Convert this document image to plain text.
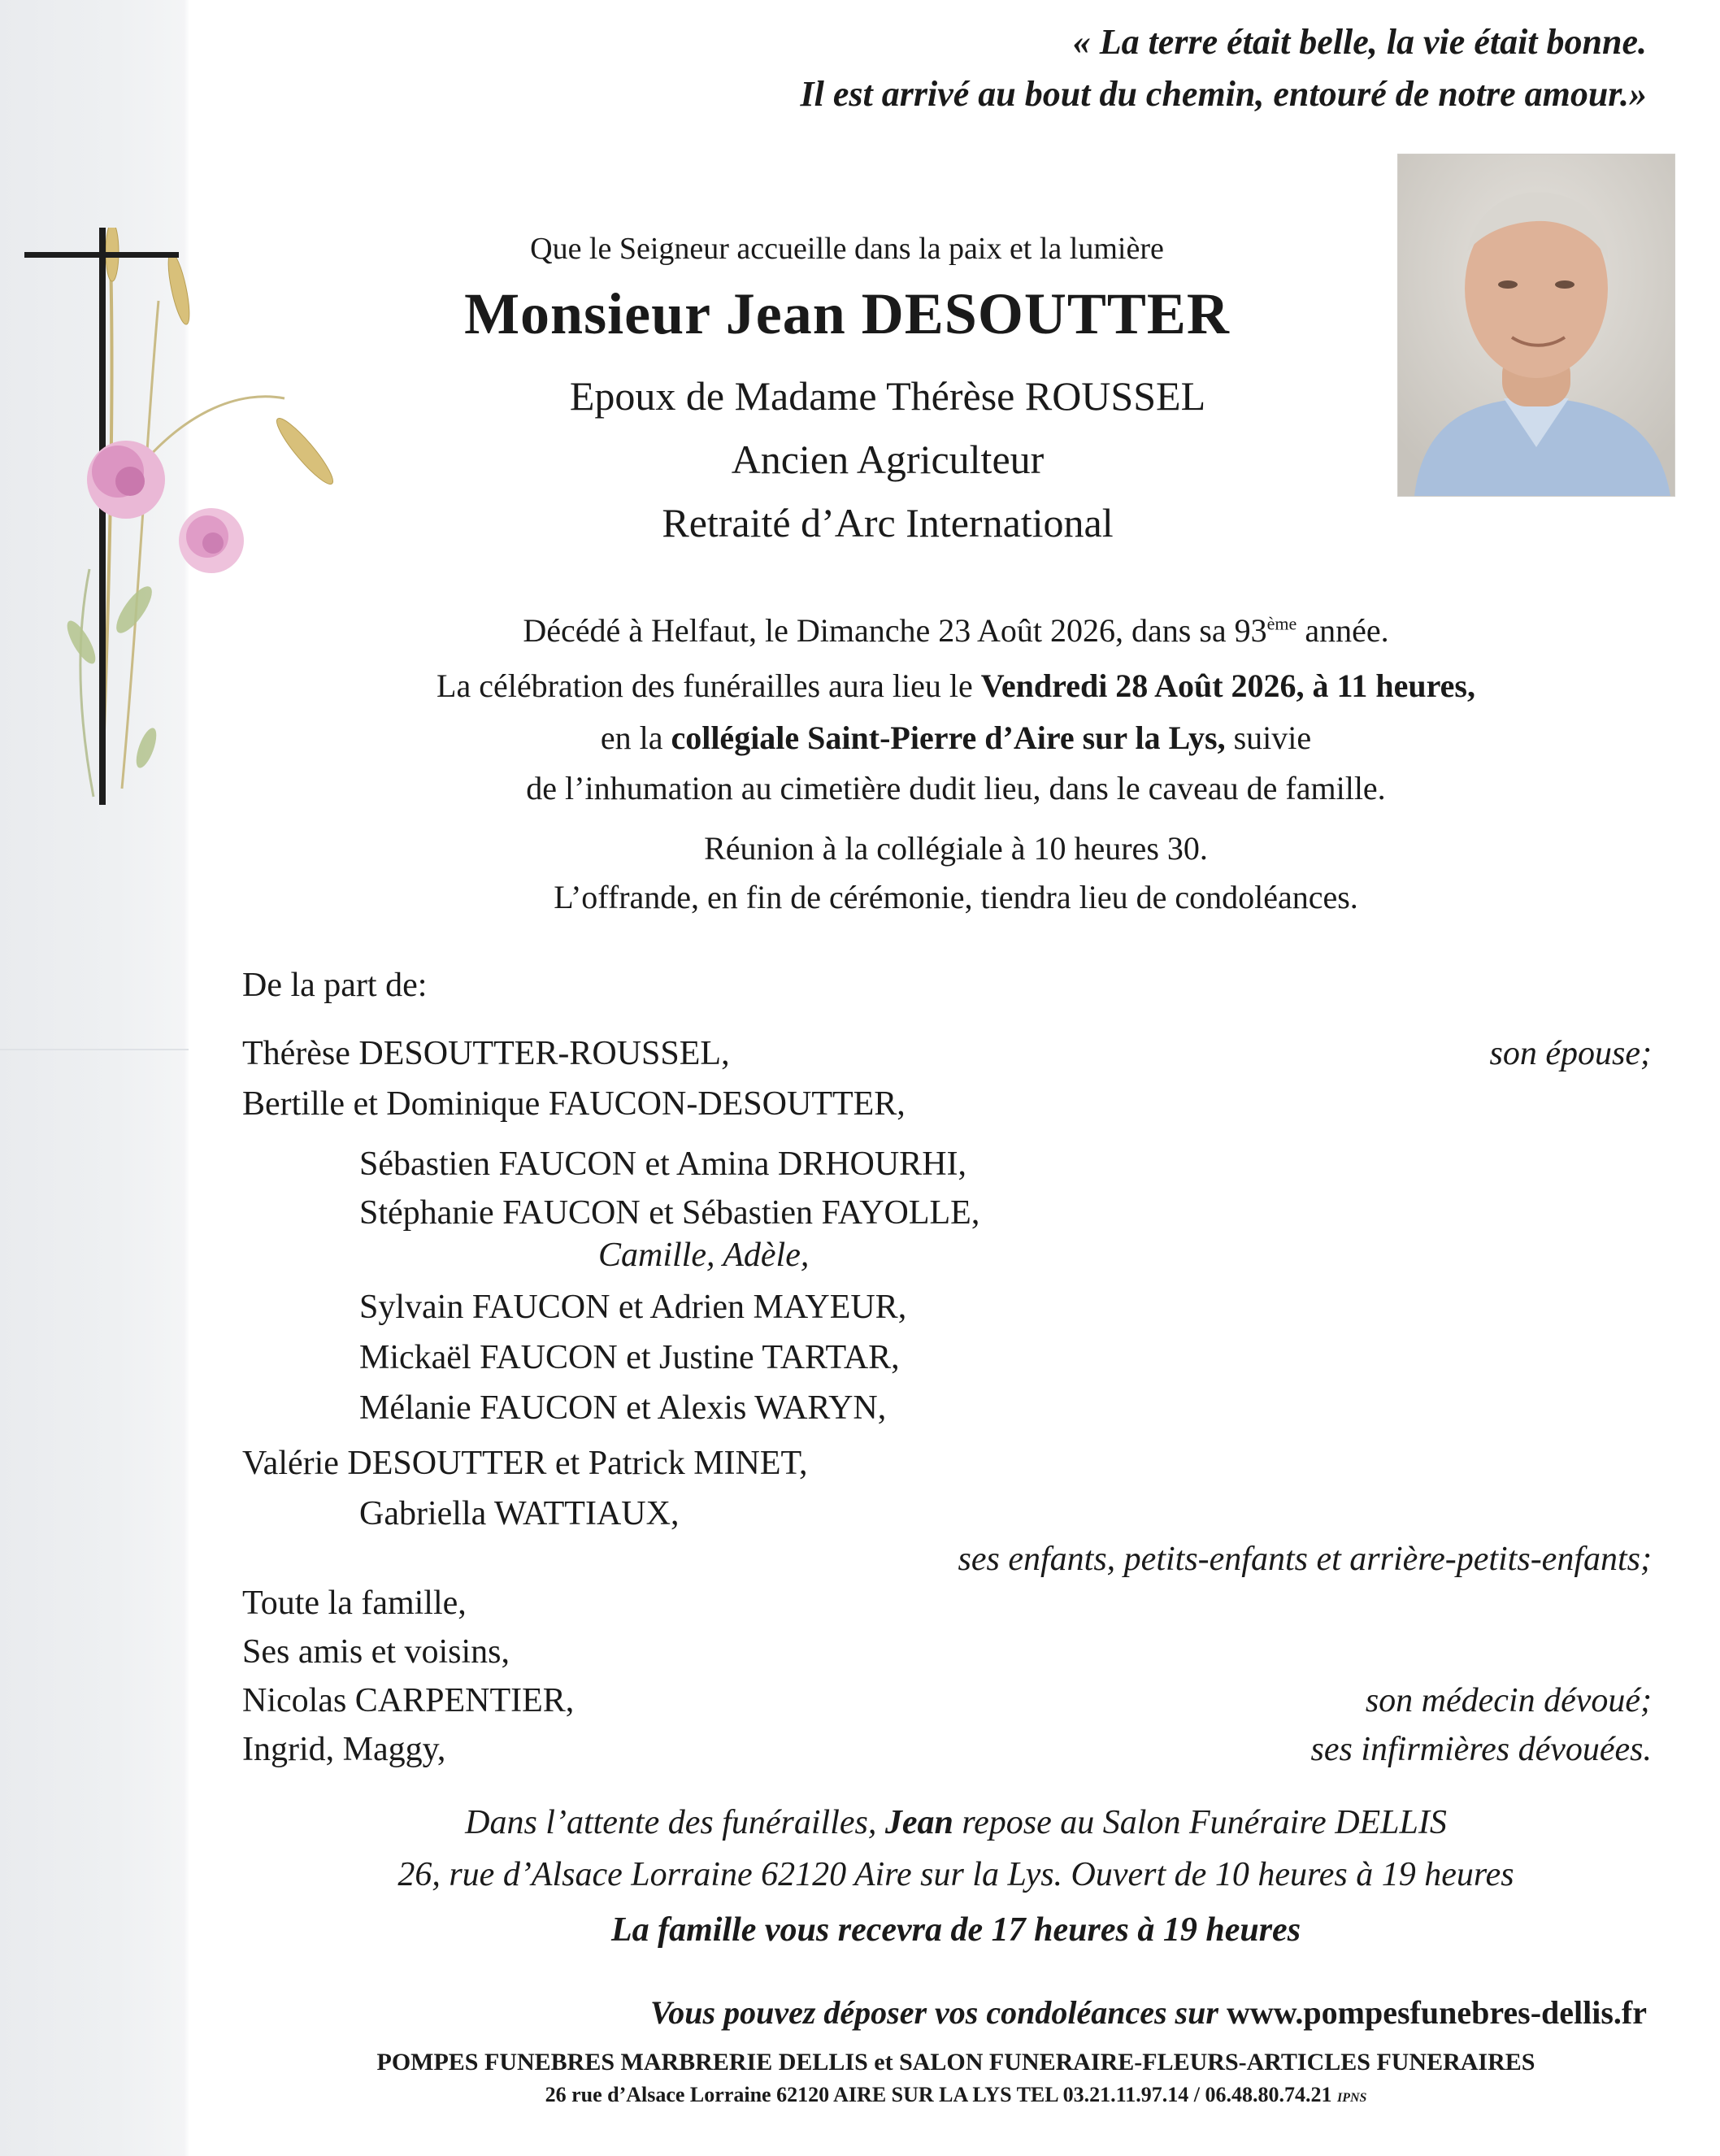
« La terre était belle, la vie était bonne.
Il est arrivé au bout du chemin, entouré de notre amour.»
Que le Seigneur accueille dans la paix et la lumière
Monsieur Jean DESOUTTER
Epoux de Madame Thérèse ROUSSEL
Ancien Agriculteur
Retraité d’Arc International
Décédé à Helfaut, le Dimanche 23 Août 2026, dans sa 93ème année.
La célébration des funérailles aura lieu le Vendredi 28 Août 2026, à 11 heures,
en la collégiale Saint-Pierre d’Aire sur la Lys, suivie
de l’inhumation au cimetière dudit lieu, dans le caveau de famille.
Réunion à la collégiale à 10 heures 30.
L’offrande, en fin de cérémonie, tiendra lieu de condoléances.
De la part de:
Thérèse DESOUTTER-ROUSSEL,	son épouse;
Bertille et Dominique FAUCON-DESOUTTER,
Sébastien FAUCON et Amina DRHOURHI,
Stéphanie FAUCON et Sébastien FAYOLLE,
Camille, Adèle,
Sylvain FAUCON et Adrien MAYEUR,
Mickaël FAUCON et Justine TARTAR,
Mélanie FAUCON et Alexis WARYN,
Valérie DESOUTTER et Patrick MINET,
Gabriella WATTIAUX,
ses enfants, petits-enfants et arrière-petits-enfants;
Toute la famille,
Ses amis et voisins,
Nicolas CARPENTIER,	son médecin dévoué;
Ingrid, Maggy,	ses infirmières dévouées.
Dans l’attente des funérailles, Jean repose au Salon Funéraire DELLIS
26, rue d’Alsace Lorraine 62120 Aire sur la Lys. Ouvert de 10 heures à 19 heures
La famille vous recevra de 17 heures à 19 heures
Vous pouvez déposer vos condoléances sur www.pompesfunebres-dellis.fr
POMPES FUNEBRES MARBRERIE DELLIS et SALON FUNERAIRE-FLEURS-ARTICLES FUNERAIRES
26 rue d’Alsace Lorraine 62120 AIRE SUR LA LYS TEL 03.21.11.97.14 / 06.48.80.74.21 IPNS
